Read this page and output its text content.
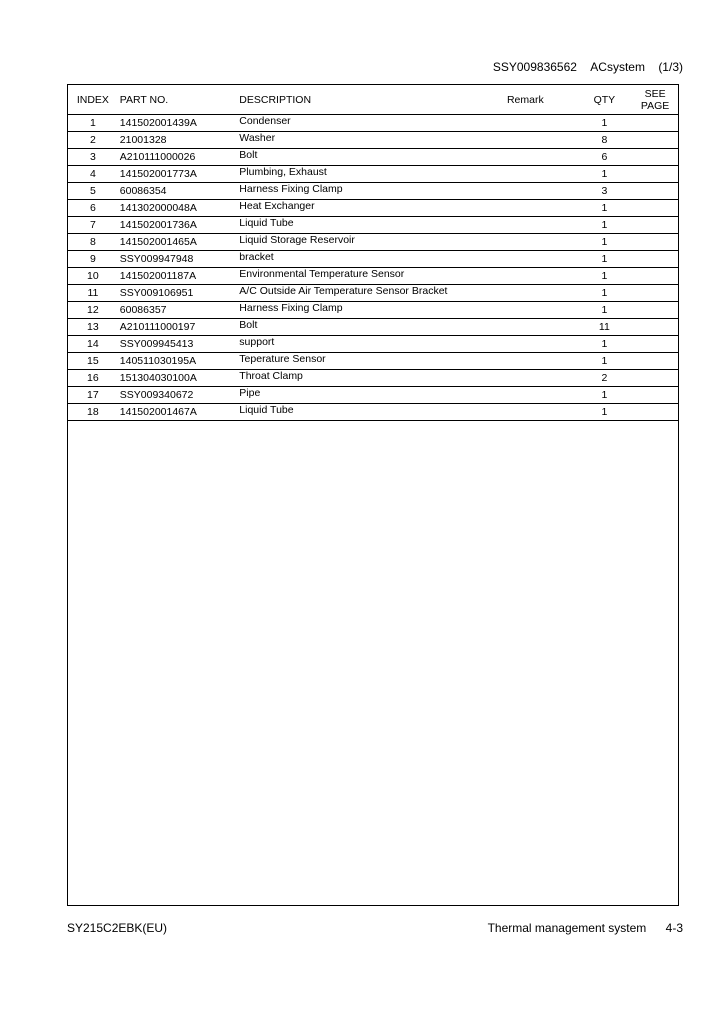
SSY009836562 ACsystem (1/3)
INDEX	PART NO.	DESCRIPTION	Remark	QTY	SEE
PAGE
1	141502001439A	Condenser		1	
2	21001328	Washer		8	
3	A210111000026	Bolt		6	
4	141502001773A	Plumbing, Exhaust		1	
5	60086354	Harness Fixing Clamp		3	
6	141302000048A	Heat Exchanger		1	
7	141502001736A	Liquid Tube		1	
8	141502001465A	Liquid Storage Reservoir		1	
9	SSY009947948	bracket		1	
10	141502001187A	Environmental Temperature Sensor		1	
11	SSY009106951	A/C Outside Air Temperature Sensor Bracket		1	
12	60086357	Harness Fixing Clamp		1	
13	A210111000197	Bolt		11	
14	SSY009945413	support		1	
15	140511030195A	Teperature Sensor		1	
16	151304030100A	Throat Clamp		2	
17	SSY009340672	Pipe		1	
18	141502001467A	Liquid Tube		1	
SY215C2EBK(EU)	Thermal management system 4-3
